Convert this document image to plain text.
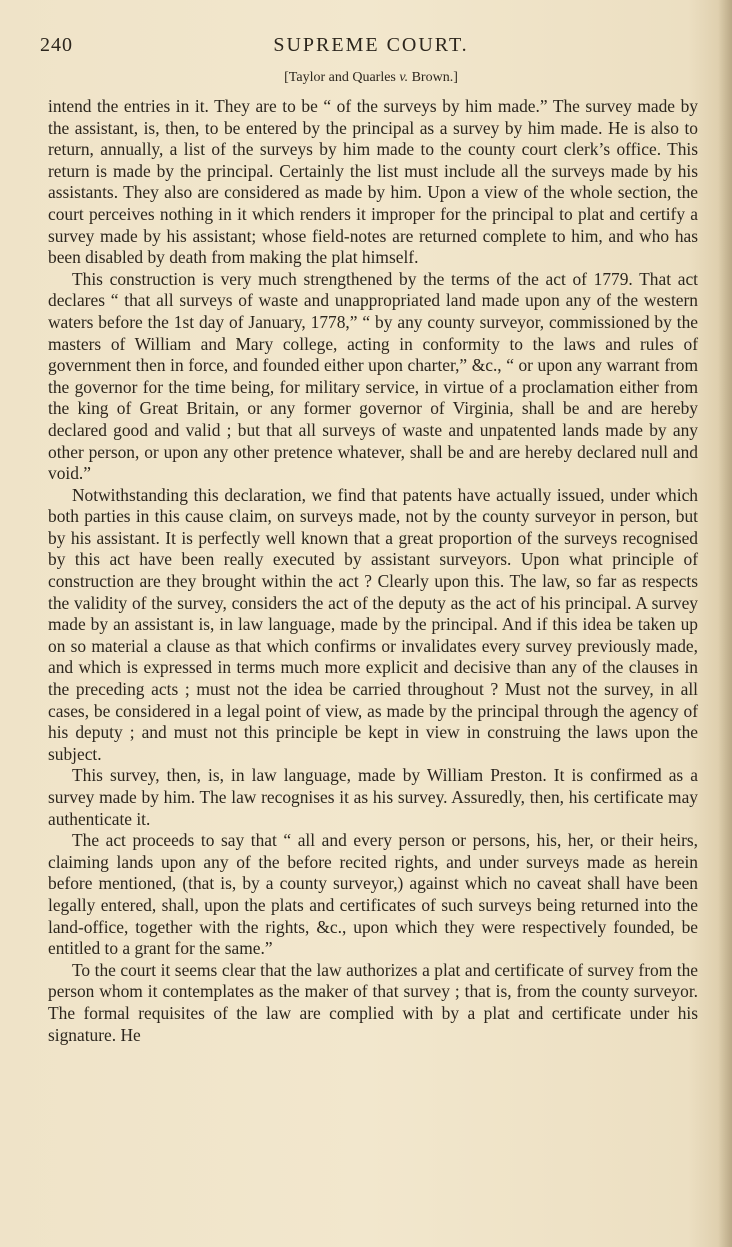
240	SUPREME COURT.
[Taylor and Quarles v. Brown.]

intend the entries in it. They are to be “ of the surveys by him made.” The survey made by the assistant, is, then, to be entered by the principal as a survey by him made. He is also to return, annually, a list of the surveys by him made to the county court clerk’s office. This return is made by the principal. Certainly the list must include all the surveys made by his assistants. They also are considered as made by him. Upon a view of the whole section, the court perceives nothing in it which renders it improper for the principal to plat and certify a survey made by his assistant; whose field-notes are returned complete to him, and who has been disabled by death from making the plat himself.

This construction is very much strengthened by the terms of the act of 1779. That act declares “ that all surveys of waste and unappropriated land made upon any of the western waters before the 1st day of January, 1778,” “ by any county surveyor, commissioned by the masters of William and Mary college, acting in conformity to the laws and rules of government then in force, and founded either upon charter,” &c., “ or upon any warrant from the governor for the time being, for military service, in virtue of a proclamation either from the king of Great Britain, or any former governor of Virginia, shall be and are hereby declared good and valid ; but that all surveys of waste and unpatented lands made by any other person, or upon any other pretence whatever, shall be and are hereby declared null and void.”

Notwithstanding this declaration, we find that patents have actually issued, under which both parties in this cause claim, on surveys made, not by the county surveyor in person, but by his assistant. It is perfectly well known that a great proportion of the surveys recognised by this act have been really executed by assistant surveyors. Upon what principle of construction are they brought within the act ? Clearly upon this. The law, so far as respects the validity of the survey, considers the act of the deputy as the act of his principal. A survey made by an assistant is, in law language, made by the principal. And if this idea be taken up on so material a clause as that which confirms or invalidates every survey previously made, and which is expressed in terms much more explicit and decisive than any of the clauses in the preceding acts ; must not the idea be carried throughout ? Must not the survey, in all cases, be considered in a legal point of view, as made by the principal through the agency of his deputy ; and must not this principle be kept in view in construing the laws upon the subject.

This survey, then, is, in law language, made by William Preston. It is confirmed as a survey made by him. The law recognises it as his survey. Assuredly, then, his certificate may authenticate it.

The act proceeds to say that “ all and every person or persons, his, her, or their heirs, claiming lands upon any of the before recited rights, and under surveys made as herein before mentioned, (that is, by a county surveyor,) against which no caveat shall have been legally entered, shall, upon the plats and certificates of such surveys being returned into the land-office, together with the rights, &c., upon which they were respectively founded, be entitled to a grant for the same.”

To the court it seems clear that the law authorizes a plat and certificate of survey from the person whom it contemplates as the maker of that survey ; that is, from the county surveyor. The formal requisites of the law are complied with by a plat and certificate under his signature. He
